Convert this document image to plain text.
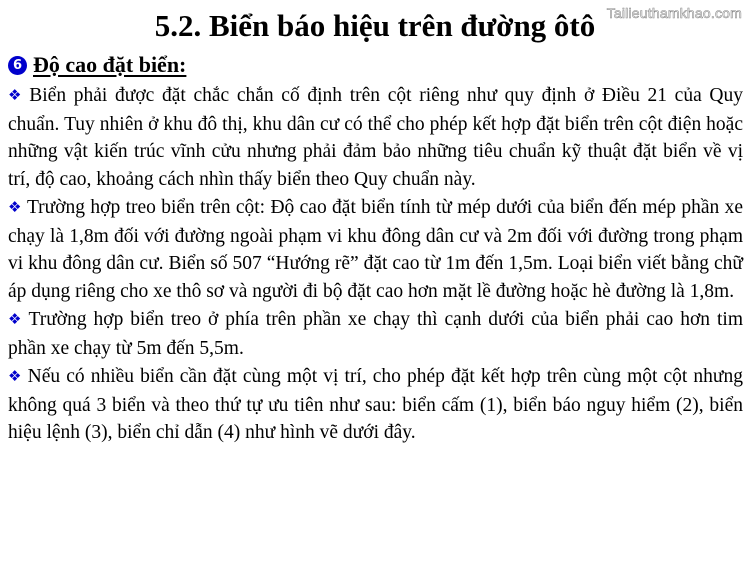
Tailieuthamkhao.com
5.2. Biển báo hiệu trên đường ôtô
6 Độ cao đặt biển:

❖ Biển phải được đặt chắc chắn cố định trên cột riêng như quy định ở Điều 21 của Quy chuẩn. Tuy nhiên ở khu đô thị, khu dân cư có thể cho phép kết hợp đặt biển trên cột điện hoặc những vật kiến trúc vĩnh cửu nhưng phải đảm bảo những tiêu chuẩn kỹ thuật đặt biển về vị trí, độ cao, khoảng cách nhìn thấy biển theo Quy chuẩn này.

❖ Trường hợp treo biển trên cột: Độ cao đặt biển tính từ mép dưới của biển đến mép phần xe chạy là 1,8m đối với đường ngoài phạm vi khu đông dân cư và 2m đối với đường trong phạm vi khu đông dân cư. Biển số 507 “Hướng rẽ” đặt cao từ 1m đến 1,5m. Loại biển viết bằng chữ áp dụng riêng cho xe thô sơ và người đi bộ đặt cao hơn mặt lề đường hoặc hè đường là 1,8m.

❖ Trường hợp biển treo ở phía trên phần xe chạy thì cạnh dưới của biển phải cao hơn tim phần xe chạy từ 5m đến 5,5m.

❖ Nếu có nhiều biển cần đặt cùng một vị trí, cho phép đặt kết hợp trên cùng một cột nhưng không quá 3 biển và theo thứ tự ưu tiên như sau: biển cấm (1), biển báo nguy hiểm (2), biển hiệu lệnh (3), biển chỉ dẫn (4) như hình vẽ dưới đây.
